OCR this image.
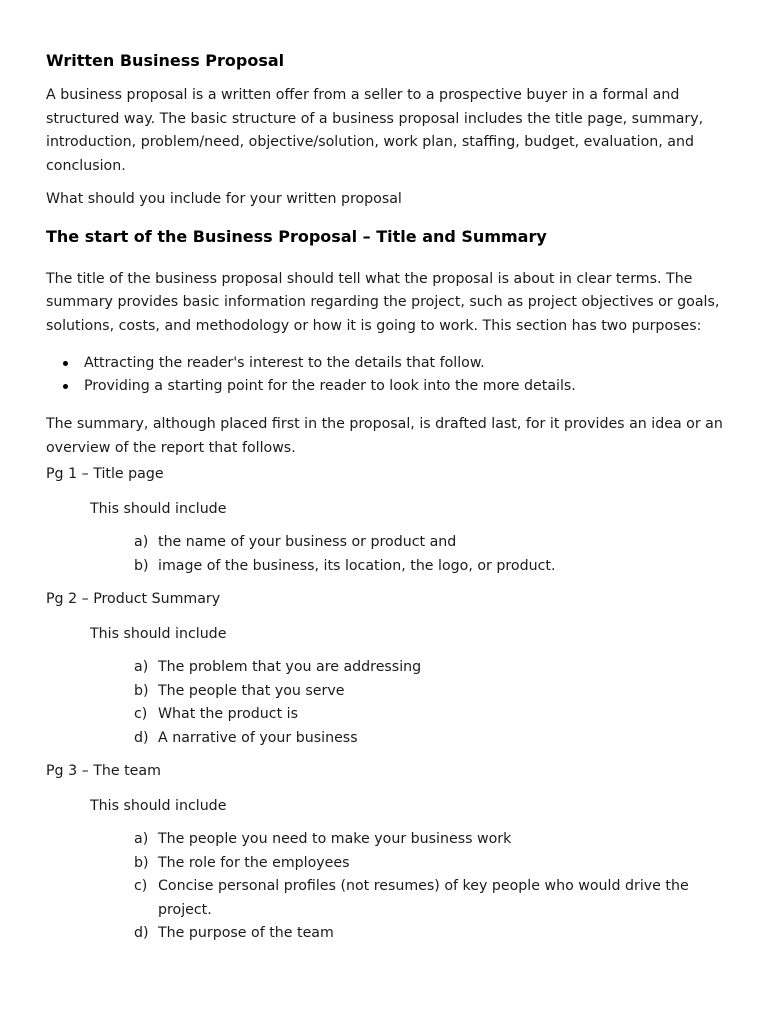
Written Business Proposal

A business proposal is a written offer from a seller to a prospective buyer in a formal and structured way. The basic structure of a business proposal includes the title page, summary, introduction, problem/need, objective/solution, work plan, staffing, budget, evaluation, and conclusion.

What should you include for your written proposal

The start of the Business Proposal – Title and Summary

The title of the business proposal should tell what the proposal is about in clear terms. The summary provides basic information regarding the project, such as project objectives or goals, solutions, costs, and methodology or how it is going to work. This section has two purposes:

Attracting the reader's interest to the details that follow.
Providing a starting point for the reader to look into the more details.

The summary, although placed first in the proposal, is drafted last, for it provides an idea or an overview of the report that follows.

Pg 1 – Title page

This should include

a) the name of your business or product and
b) image of the business, its location, the logo, or product.

Pg 2 – Product Summary

This should include

a) The problem that you are addressing
b) The people that you serve
c) What the product is
d) A narrative of your business

Pg 3 – The team

This should include

a) The people you need to make your business work
b) The role for the employees
c) Concise personal profiles (not resumes) of key people who would drive the project.
d) The purpose of the team
